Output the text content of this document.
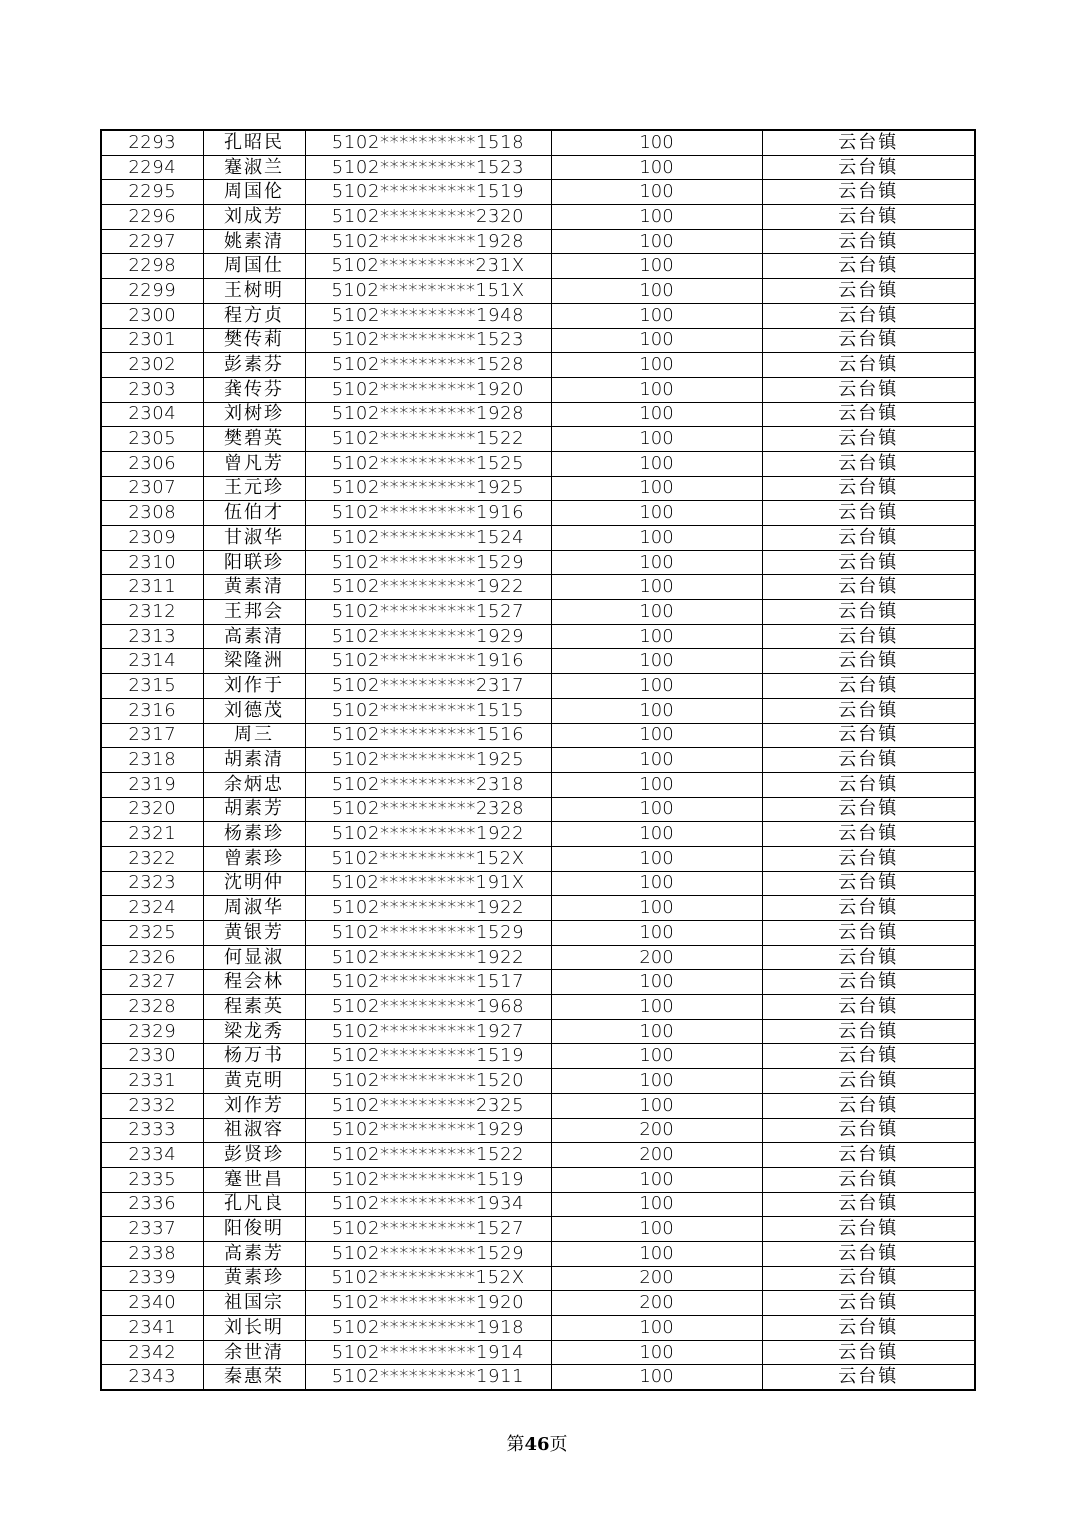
2293	孔昭民	5102**********1518	100	云台镇
2294	蹇淑兰	5102**********1523	100	云台镇
2295	周国伦	5102**********1519	100	云台镇
2296	刘成芳	5102**********2320	100	云台镇
2297	姚素清	5102**********1928	100	云台镇
2298	周国仕	5102**********231X	100	云台镇
2299	王树明	5102**********151X	100	云台镇
2300	程方贞	5102**********1948	100	云台镇
2301	樊传莉	5102**********1523	100	云台镇
2302	彭素芬	5102**********1528	100	云台镇
2303	龚传芬	5102**********1920	100	云台镇
2304	刘树珍	5102**********1928	100	云台镇
2305	樊碧英	5102**********1522	100	云台镇
2306	曾凡芳	5102**********1525	100	云台镇
2307	王元珍	5102**********1925	100	云台镇
2308	伍伯才	5102**********1916	100	云台镇
2309	甘淑华	5102**********1524	100	云台镇
2310	阳联珍	5102**********1529	100	云台镇
2311	黄素清	5102**********1922	100	云台镇
2312	王邦会	5102**********1527	100	云台镇
2313	高素清	5102**********1929	100	云台镇
2314	梁隆洲	5102**********1916	100	云台镇
2315	刘作于	5102**********2317	100	云台镇
2316	刘德茂	5102**********1515	100	云台镇
2317	周三	5102**********1516	100	云台镇
2318	胡素清	5102**********1925	100	云台镇
2319	余炳忠	5102**********2318	100	云台镇
2320	胡素芳	5102**********2328	100	云台镇
2321	杨素珍	5102**********1922	100	云台镇
2322	曾素珍	5102**********152X	100	云台镇
2323	沈明仲	5102**********191X	100	云台镇
2324	周淑华	5102**********1922	100	云台镇
2325	黄银芳	5102**********1529	100	云台镇
2326	何显淑	5102**********1922	200	云台镇
2327	程会林	5102**********1517	100	云台镇
2328	程素英	5102**********1968	100	云台镇
2329	梁龙秀	5102**********1927	100	云台镇
2330	杨万书	5102**********1519	100	云台镇
2331	黄克明	5102**********1520	100	云台镇
2332	刘作芳	5102**********2325	100	云台镇
2333	祖淑容	5102**********1929	200	云台镇
2334	彭贤珍	5102**********1522	200	云台镇
2335	蹇世昌	5102**********1519	100	云台镇
2336	孔凡良	5102**********1934	100	云台镇
2337	阳俊明	5102**********1527	100	云台镇
2338	高素芳	5102**********1529	100	云台镇
2339	黄素珍	5102**********152X	200	云台镇
2340	祖国宗	5102**********1920	200	云台镇
2341	刘长明	5102**********1918	100	云台镇
2342	余世清	5102**********1914	100	云台镇
2343	秦惠荣	5102**********1911	100	云台镇
第46页
